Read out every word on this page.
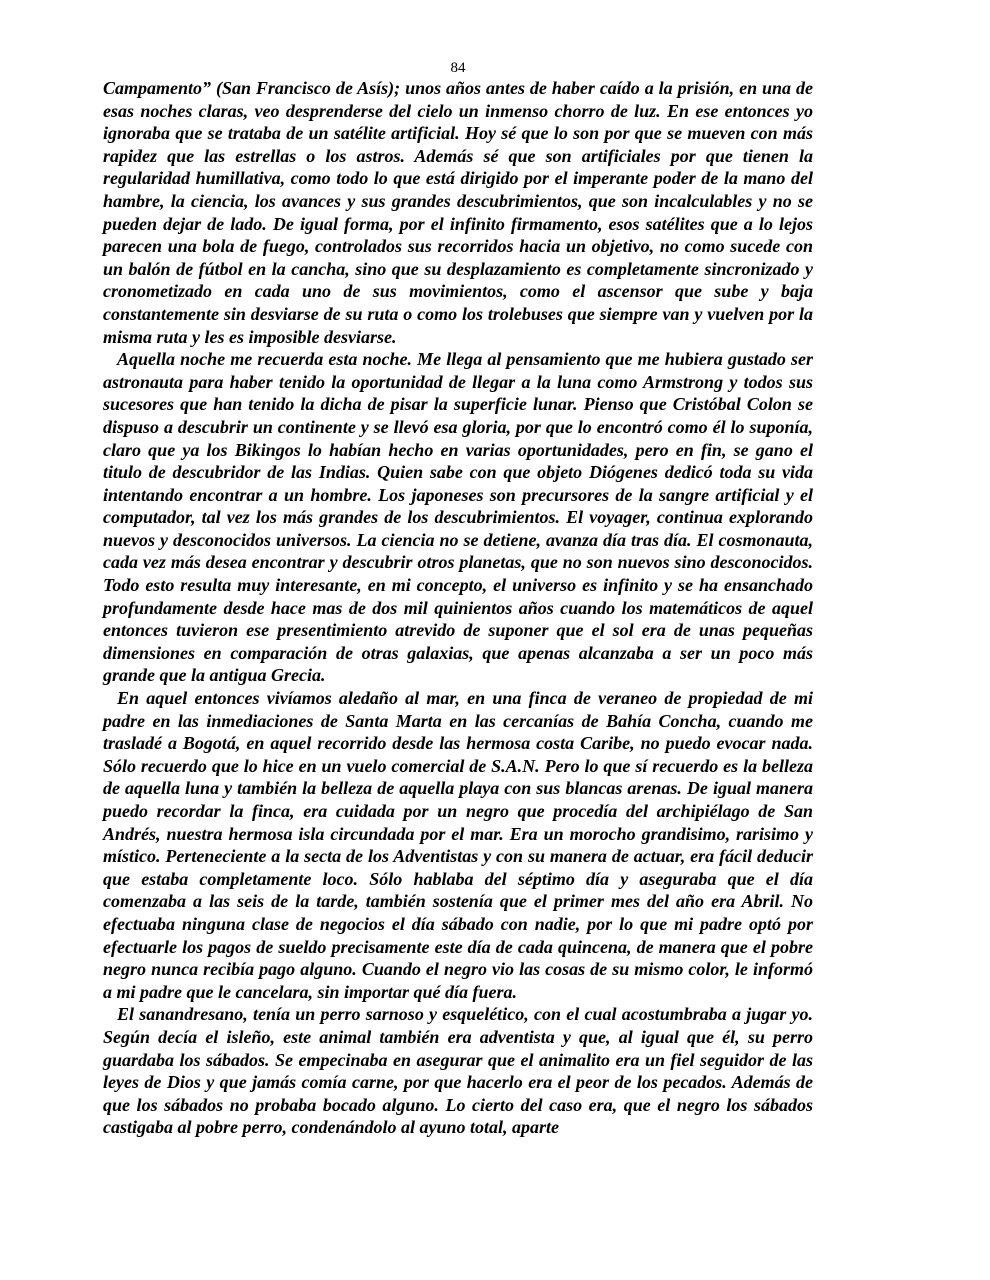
84

Campamento” (San Francisco de Asís); unos años antes de haber caído a la prisión, en una de esas noches claras, veo desprenderse del cielo un inmenso chorro de luz. En ese entonces yo ignoraba que se trataba de un satélite artificial. Hoy sé que lo son por que se mueven con más rapidez que las estrellas o los astros. Además sé que son artificiales por que tienen la regularidad humillativa, como todo lo que está dirigido por el imperante poder de la mano del hambre, la ciencia, los avances y sus grandes descubrimientos, que son incalculables y no se pueden dejar de lado. De igual forma, por el infinito firmamento, esos satélites que a lo lejos parecen una bola de fuego, controlados sus recorridos hacia un objetivo, no como sucede con un balón de fútbol en la cancha, sino que su desplazamiento es completamente sincronizado y cronometizado en cada uno de sus movimientos, como el ascensor que sube y baja constantemente sin desviarse de su ruta o como los trolebuses que siempre van y vuelven por la misma ruta y les es imposible desviarse.

Aquella noche me recuerda esta noche. Me llega al pensamiento que me hubiera gustado ser astronauta para haber tenido la oportunidad de llegar a la luna como Armstrong y todos sus sucesores que han tenido la dicha de pisar la superficie lunar. Pienso que Cristóbal Colon se dispuso a descubrir un continente y se llevó esa gloria, por que lo encontró como él lo suponía, claro que ya los Bikingos lo habían hecho en varias oportunidades, pero en fin, se gano el titulo de descubridor de las Indias. Quien sabe con que objeto Diógenes dedicó toda su vida intentando encontrar a un hombre. Los japoneses son precursores de la sangre artificial y el computador, tal vez los más grandes de los descubrimientos. El voyager, continua explorando nuevos y desconocidos universos. La ciencia no se detiene, avanza día tras día. El cosmonauta, cada vez más desea encontrar y descubrir otros planetas, que no son nuevos sino desconocidos. Todo esto resulta muy interesante, en mi concepto, el universo es infinito y se ha ensanchado profundamente desde hace mas de dos mil quinientos años cuando los matemáticos de aquel entonces tuvieron ese presentimiento atrevido de suponer que el sol era de unas pequeñas dimensiones en comparación de otras galaxias, que apenas alcanzaba a ser un poco más grande que la antigua Grecia.

En aquel entonces vivíamos aledaño al mar, en una finca de veraneo de propiedad de mi padre en las inmediaciones de Santa Marta en las cercanías de Bahía Concha, cuando me trasladé a Bogotá, en aquel recorrido desde las hermosa costa Caribe, no puedo evocar nada. Sólo recuerdo que lo hice en un vuelo comercial de S.A.N. Pero lo que sí recuerdo es la belleza de aquella luna y también la belleza de aquella playa con sus blancas arenas. De igual manera puedo recordar la finca, era cuidada por un negro que procedía del archipiélago de San Andrés, nuestra hermosa isla circundada por el mar. Era un morocho grandisimo, rarisimo y místico. Perteneciente a la secta de los Adventistas y con su manera de actuar, era fácil deducir que estaba completamente loco. Sólo hablaba del séptimo día y aseguraba que el día comenzaba a las seis de la tarde, también sostenía que el primer mes del año era Abril. No efectuaba ninguna clase de negocios el día sábado con nadie, por lo que mi padre optó por efectuarle los pagos de sueldo precisamente este día de cada quincena, de manera que el pobre negro nunca recibía pago alguno. Cuando el negro vio las cosas de su mismo color, le informó a mi padre que le cancelara, sin importar qué día fuera.

El sanandresano, tenía un perro sarnoso y esquelético, con el cual acostumbraba a jugar yo. Según decía el isleño, este animal también era adventista y que, al igual que él, su perro guardaba los sábados. Se empecinaba en asegurar que el animalito era un fiel seguidor de las leyes de Dios y que jamás comía carne, por que hacerlo era el peor de los pecados. Además de que los sábados no probaba bocado alguno. Lo cierto del caso era, que el negro los sábados castigaba al pobre perro, condenándolo al ayuno total, aparte
